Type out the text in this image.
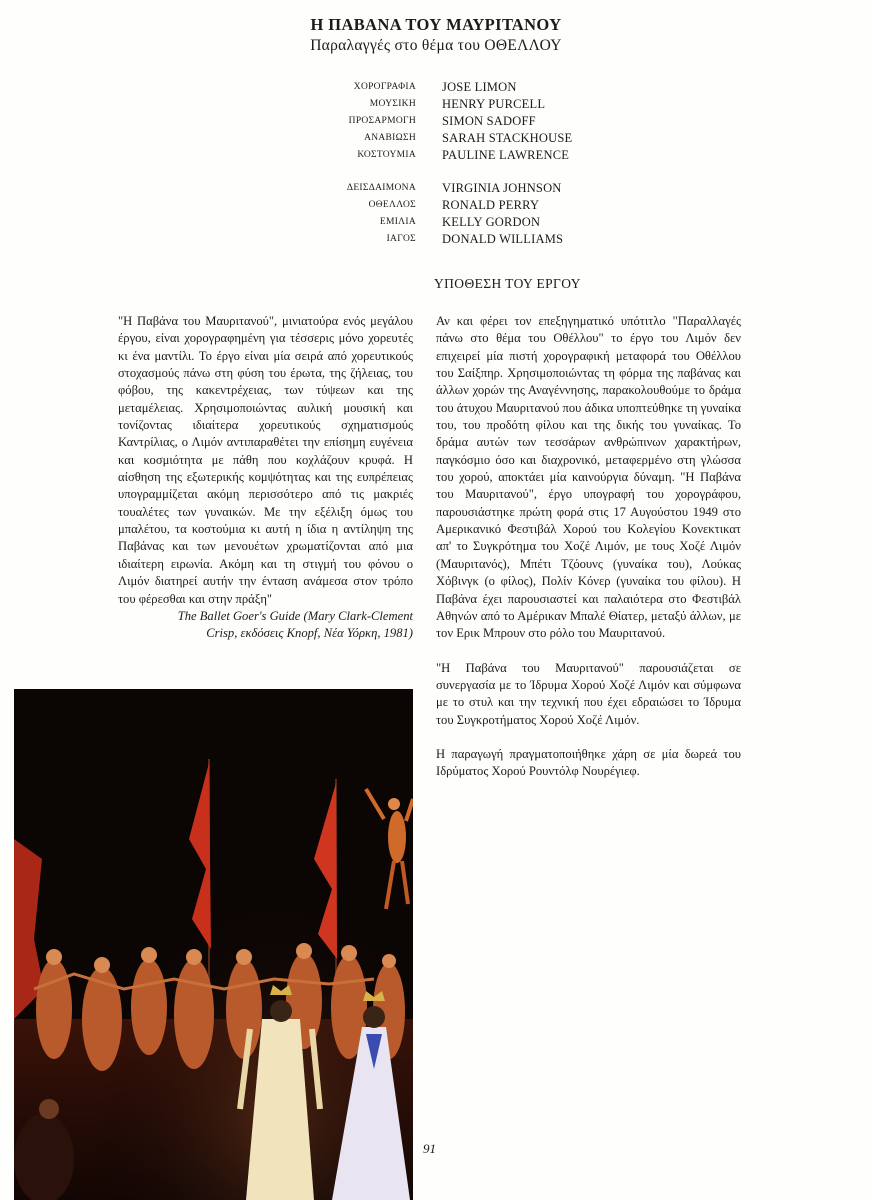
Η ΠΑΒΑΝΑ ΤΟΥ ΜΑΥΡΙΤΑΝΟΥ
Παραλαγγές στο θέμα του ΟΘΕΛΛΟΥ
ΧΟΡΟΓΡΑΦΙΑ JOSE LIMON
ΜΟΥΣΙΚΗ HENRY PURCELL
ΠΡΟΣΑΡΜΟΓΗ SIMON SADOFF
ΑΝΑΒΙΩΣΗ SARAH STACKHOUSE
ΚΟΣΤΟΥΜΙΑ PAULINE LAWRENCE
ΔΕΙΣΔΑΙΜΟΝΑ VIRGINIA JOHNSON
ΟΘΕΛΛΟΣ RONALD PERRY
ΕΜΙΛΙΑ KELLY GORDON
ΙΑΓΟΣ DONALD WILLIAMS
ΥΠΟΘΕΣΗ ΤΟΥ ΕΡΓΟΥ

"Η Παβάνα του Μαυριτανού", μινιατούρα ενός μεγάλου έργου, είναι χορογραφημένη για τέσσερις μόνο χορευτές κι ένα μαντίλι. Το έργο είναι μία σειρά από χορευτικούς στοχασμούς πάνω στη φύση του έρωτα, της ζήλειας, του φόβου, της κακεντρέχειας, των τύψεων και της μεταμέλειας. Χρησιμοποιώντας αυλική μουσική και τονίζοντας ιδιαίτερα χορευτικούς σχηματισμούς Καντρίλιας, ο Λιμόν αντιπαραθέτει την επίσημη ευγένεια και κοσμιότητα με πάθη που κοχλάζουν κρυφά. Η αίσθηση της εξωτερικής κομψότητας και της ευπρέπειας υπογραμμίζεται ακόμη περισσότερο από τις μακριές τουαλέτες των γυναικών. Με την εξέλιξη όμως του μπαλέτου, τα κοστούμια κι αυτή η ίδια η αντίληψη της Παβάνας και των μενουέτων χρωματίζονται από μια ιδιαίτερη ειρωνία. Ακόμη και τη στιγμή του φόνου ο Λιμόν διατηρεί αυτήν την ένταση ανάμεσα στον τρόπο του φέρεσθαι και στην πράξη"

The Ballet Goer's Guide (Mary Clark-Clement
Crisp, εκδόσεις Knopf, Νέα Υόρκη, 1981)

Αν και φέρει τον επεξηγηματικό υπότιτλο "Παραλλαγές πάνω στο θέμα του Οθέλλου" το έργο του Λιμόν δεν επιχειρεί μία πιστή χορογραφική μεταφορά του Οθέλλου του Σαίξπηρ. Χρησιμοποιώντας τη φόρμα της παβάνας και άλλων χορών της Αναγέννησης, παρακολουθούμε το δράμα του άτυχου Μαυριτανού που άδικα υποπτεύθηκε τη γυναίκα του, του προδότη φίλου και της δικής του γυναίκας. Το δράμα αυτών των τεσσάρων ανθρώπινων χαρακτήρων, παγκόσμιο όσο και διαχρονικό, μεταφερμένο στη γλώσσα του χορού, αποκτάει μία καινούργια δύναμη. "Η Παβάνα του Μαυριτανού", έργο υπογραφή του χορογράφου, παρουσιάστηκε πρώτη φορά στις 17 Αυγούστου 1949 στο Αμερικανικό Φεστιβάλ Χορού του Κολεγίου Κονεκτικατ απ' το Συγκρότημα του Χοζέ Λιμόν, με τους Χοζέ Λιμόν (Μαυριτανός), Μπέτι Τζόουνς (γυναίκα του), Λούκας Χόβινγκ (ο φίλος), Πολίν Κόνερ (γυναίκα του φίλου). Η Παβάνα έχει παρουσιαστεί και παλαιότερα στο Φεστιβάλ Αθηνών από το Αμέρικαν Μπαλέ Θίατερ, μεταξύ άλλων, με τον Ερικ Μπρουν στο ρόλο του Μαυριτανού.

"Η Παβάνα του Μαυριτανού" παρουσιάζεται σε συνεργασία με το Ίδρυμα Χορού Χοζέ Λιμόν και σύμφωνα με το στυλ και την τεχνική που έχει εδραιώσει το Ίδρυμα του Συγκροτήματος Χορού Χοζέ Λιμόν.

Η παραγωγή πραγματοποιήθηκε χάρη σε μία δωρεά του Ιδρύματος Χορού Ρουντόλφ Νουρέγιεφ.

91
